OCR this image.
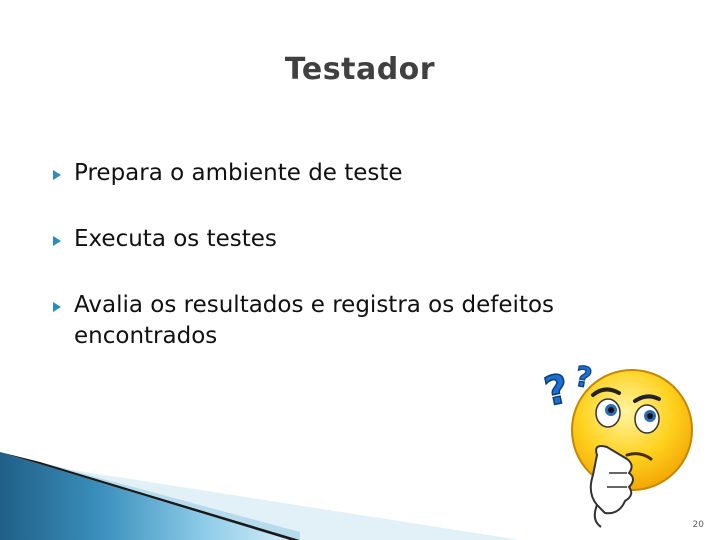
Testador
Prepara o ambiente de teste
Executa os testes
Avalia os resultados e registra os defeitos encontrados
? ?
20
